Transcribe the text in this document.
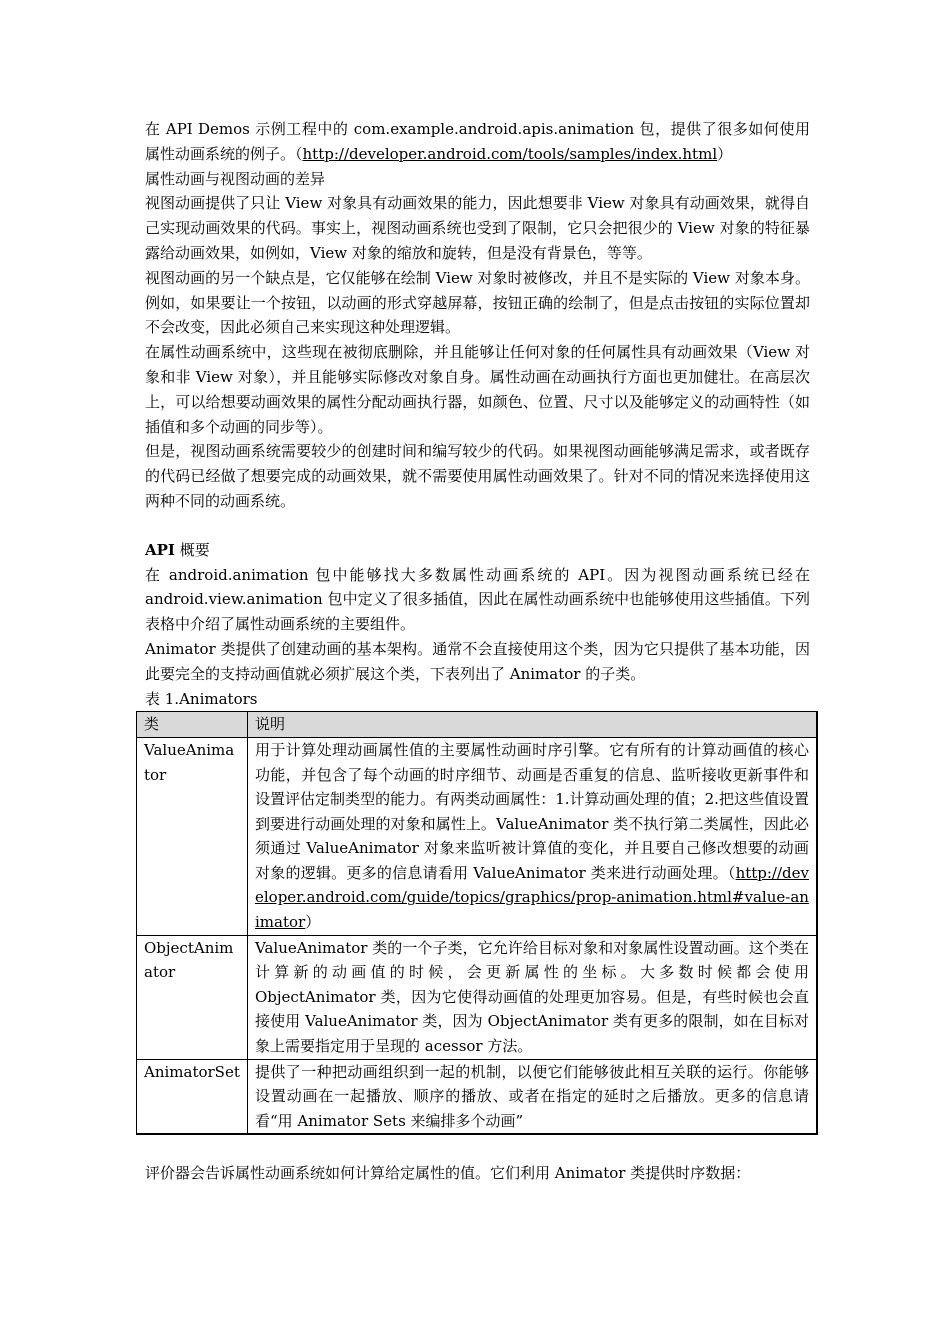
在 API Demos 示例工程中的 com.example.android.apis.animation 包，提供了很多如何使用属性动画系统的例子。（http://developer.android.com/tools/samples/index.html）

属性动画与视图动画的差异

视图动画提供了只让 View 对象具有动画效果的能力，因此想要非 View 对象具有动画效果，就得自己实现动画效果的代码。事实上，视图动画系统也受到了限制，它只会把很少的 View 对象的特征暴露给动画效果，如例如，View 对象的缩放和旋转，但是没有背景色，等等。

视图动画的另一个缺点是，它仅能够在绘制 View 对象时被修改，并且不是实际的 View 对象本身。例如，如果要让一个按钮，以动画的形式穿越屏幕，按钮正确的绘制了，但是点击按钮的实际位置却不会改变，因此必须自己来实现这种处理逻辑。

在属性动画系统中，这些现在被彻底删除，并且能够让任何对象的任何属性具有动画效果（View 对象和非 View 对象），并且能够实际修改对象自身。属性动画在动画执行方面也更加健壮。在高层次上，可以给想要动画效果的属性分配动画执行器，如颜色、位置、尺寸以及能够定义的动画特性（如插值和多个动画的同步等）。

但是，视图动画系统需要较少的创建时间和编写较少的代码。如果视图动画能够满足需求，或者既存的代码已经做了想要完成的动画效果，就不需要使用属性动画效果了。针对不同的情况来选择使用这两种不同的动画系统。

API 概要

在 android.animation 包中能够找大多数属性动画系统的 API。因为视图动画系统已经在 android.view.animation 包中定义了很多插值，因此在属性动画系统中也能够使用这些插值。下列表格中介绍了属性动画系统的主要组件。

Animator 类提供了创建动画的基本架构。通常不会直接使用这个类，因为它只提供了基本功能，因此要完全的支持动画值就必须扩展这个类，下表列出了 Animator 的子类。

表 1.Animators

类	说明
ValueAnimator	用于计算处理动画属性值的主要属性动画时序引擎。它有所有的计算动画值的核心功能，并包含了每个动画的时序细节、动画是否重复的信息、监听接收更新事件和设置评估定制类型的能力。有两类动画属性：1.计算动画处理的值；2.把这些值设置到要进行动画处理的对象和属性上。ValueAnimator 类不执行第二类属性，因此必须通过 ValueAnimator 对象来监听被计算值的变化，并且要自己修改想要的动画对象的逻辑。更多的信息请看用 ValueAnimator 类来进行动画处理。（http://developer.android.com/guide/topics/graphics/prop-animation.html#value-animator）
ObjectAnimator	ValueAnimator 类的一个子类，它允许给目标对象和对象属性设置动画。这个类在计算新的动画值的时候，会更新属性的坐标。大多数时候都会使用 ObjectAnimator 类，因为它使得动画值的处理更加容易。但是，有些时候也会直接使用 ValueAnimator 类，因为 ObjectAnimator 类有更多的限制，如在目标对象上需要指定用于呈现的 acessor 方法。
AnimatorSet	提供了一种把动画组织到一起的机制，以便它们能够彼此相互关联的运行。你能够设置动画在一起播放、顺序的播放、或者在指定的延时之后播放。更多的信息请看“用 Animator Sets 来编排多个动画”

评价器会告诉属性动画系统如何计算给定属性的值。它们利用 Animator 类提供时序数据：
